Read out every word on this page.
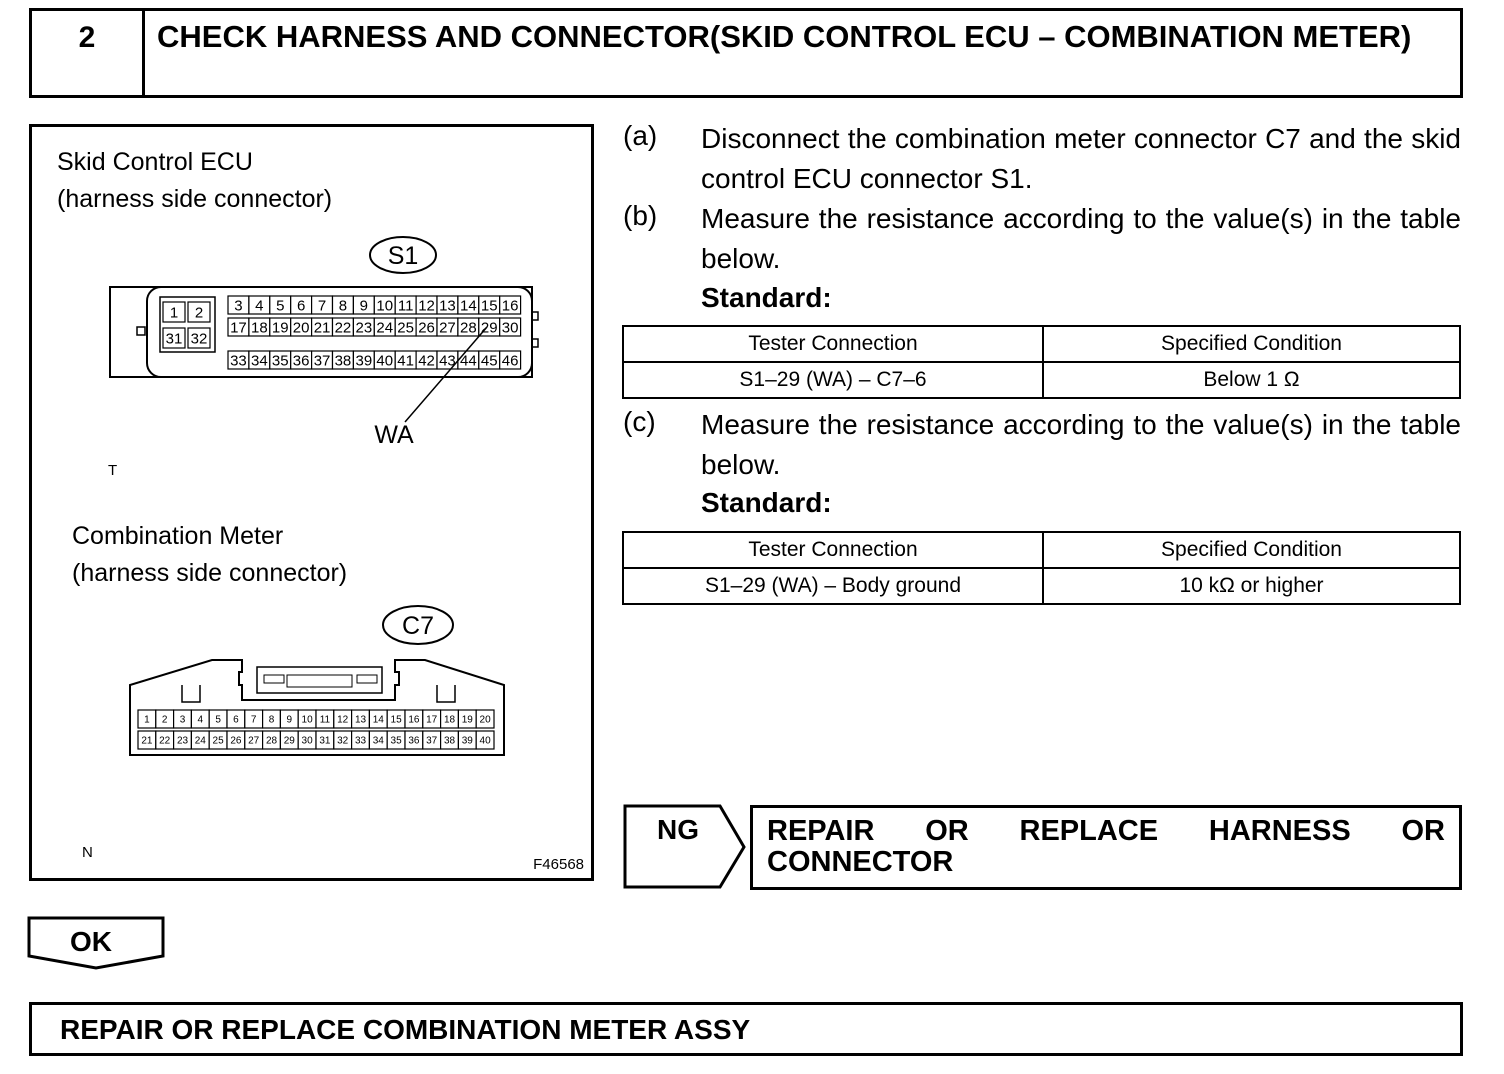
2	CHECK HARNESS AND CONNECTOR(SKID CONTROL ECU – COMBINATION METER)
Skid Control ECU
(harness side connector)
S1
1 2
31 32
3 4 5 6 7 8 9 10 11 12 13 14 15 16
17 18 19 20 21 22 23 24 25 26 27 28 29 30
33 34 35 36 37 38 39 40 41 42 43 44 45 46
WA
T
C7
1 2 3 4 5 6 7 8 9 10 11 12 13 14 15 16 17 18 19 20
21 22 23 24 25 26 27 28 29 30 31 32 33 34 35 36 37 38 39 40
N
F46568
Combination Meter
(harness side connector)
(a) Disconnect the combination meter connector C7 and the skid control ECU connector S1.
(b) Measure the resistance according to the value(s) in the table below.
Standard:
Tester Connection	Specified Condition
S1–29 (WA) – C7–6	Below 1 Ω
(c) Measure the resistance according to the value(s) in the table below.
Standard:
Tester Connection	Specified Condition
S1–29 (WA) – Body ground	10 kΩ or higher
NG REPAIR OR REPLACE HARNESS OR CONNECTOR
OK
REPAIR OR REPLACE COMBINATION METER ASSY
